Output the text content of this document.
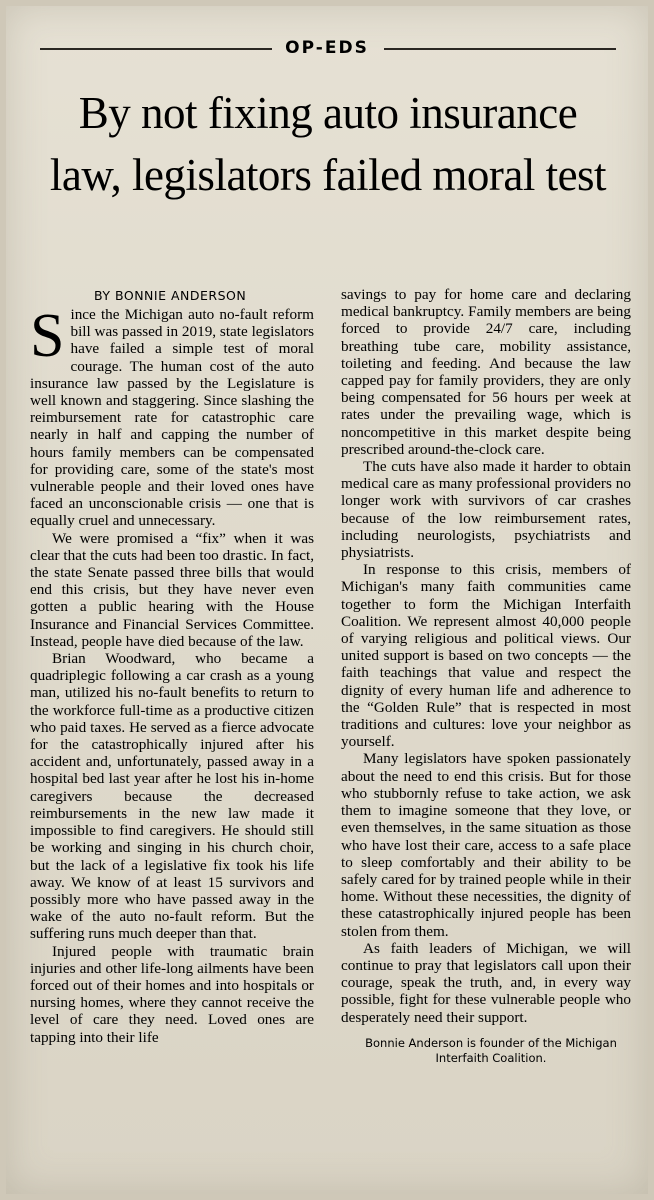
OP-EDS
By not fixing auto insurance law, legislators failed moral test
BY BONNIE ANDERSON

Since the Michigan auto no-fault reform bill was passed in 2019, state legislators have failed a simple test of moral courage. The human cost of the auto insurance law passed by the Legislature is well known and staggering. Since slashing the reimbursement rate for catastrophic care nearly in half and capping the number of hours family members can be compensated for providing care, some of the state's most vulnerable people and their loved ones have faced an unconscionable crisis — one that is equally cruel and unnecessary.

We were promised a “fix” when it was clear that the cuts had been too drastic. In fact, the state Senate passed three bills that would end this crisis, but they have never even gotten a public hearing with the House Insurance and Financial Services Committee. Instead, people have died because of the law.

Brian Woodward, who became a quadriplegic following a car crash as a young man, utilized his no-fault benefits to return to the workforce full-time as a productive citizen who paid taxes. He served as a fierce advocate for the catastrophically injured after his accident and, unfortunately, passed away in a hospital bed last year after he lost his in-home caregivers because the decreased reimbursements in the new law made it impossible to find caregivers. He should still be working and singing in his church choir, but the lack of a legislative fix took his life away. We know of at least 15 survivors and possibly more who have passed away in the wake of the auto no-fault reform. But the suffering runs much deeper than that.

Injured people with traumatic brain injuries and other life-long ailments have been forced out of their homes and into hospitals or nursing homes, where they cannot receive the level of care they need. Loved ones are tapping into their life

savings to pay for home care and declaring medical bankruptcy. Family members are being forced to provide 24/7 care, including breathing tube care, mobility assistance, toileting and feeding. And because the law capped pay for family providers, they are only being compensated for 56 hours per week at rates under the prevailing wage, which is noncompetitive in this market despite being prescribed around-the-clock care.

The cuts have also made it harder to obtain medical care as many professional providers no longer work with survivors of car crashes because of the low reimbursement rates, including neurologists, psychiatrists and physiatrists.

In response to this crisis, members of Michigan's many faith communities came together to form the Michigan Interfaith Coalition. We represent almost 40,000 people of varying religious and political views. Our united support is based on two concepts — the faith teachings that value and respect the dignity of every human life and adherence to the “Golden Rule” that is respected in most traditions and cultures: love your neighbor as yourself.

Many legislators have spoken passionately about the need to end this crisis. But for those who stubbornly refuse to take action, we ask them to imagine someone that they love, or even themselves, in the same situation as those who have lost their care, access to a safe place to sleep comfortably and their ability to be safely cared for by trained people while in their home. Without these necessities, the dignity of these catastrophically injured people has been stolen from them.

As faith leaders of Michigan, we will continue to pray that legislators call upon their courage, speak the truth, and, in every way possible, fight for these vulnerable people who desperately need their support.

Bonnie Anderson is founder of the Michigan Interfaith Coalition.
